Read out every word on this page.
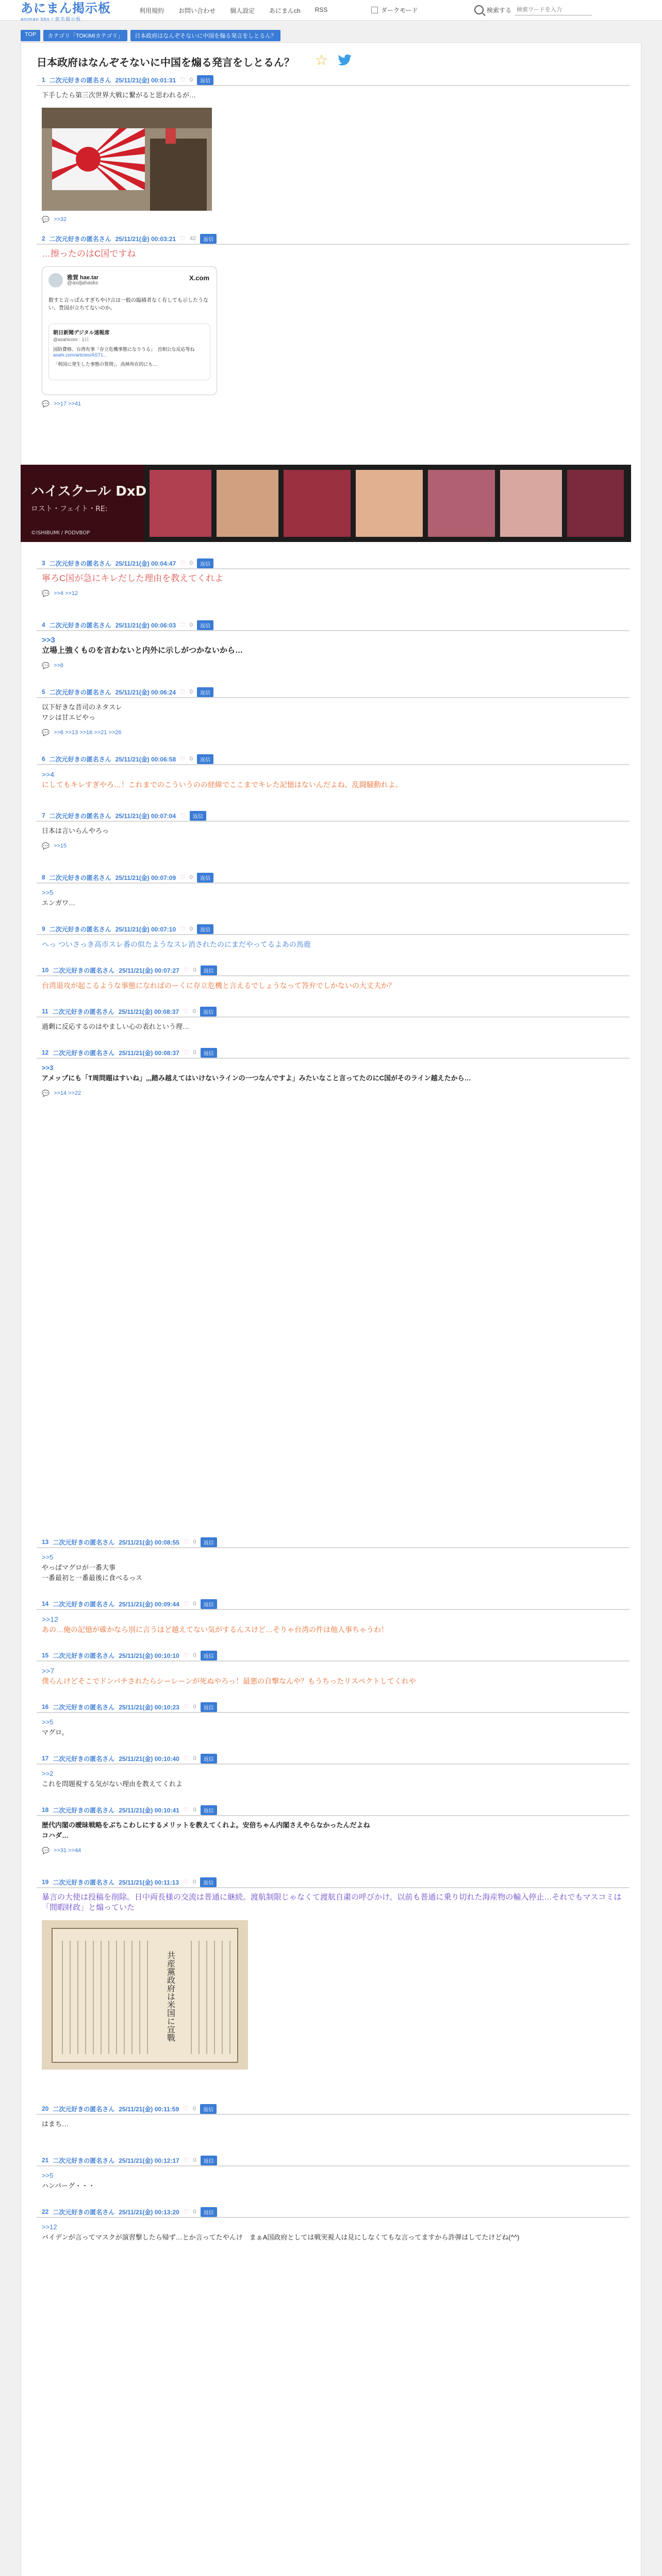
あにまん掲示板
animan bbs / 匿名掲示板
利用規約 お問い合わせ 個人設定 あにまんch RSS	ダークモード	検索する
検索ワードを入力
TOP	カテゴリ「TOKIMIカテゴリ」	日本政府はなんぞそないに中国を煽る発言をしとるん？
日本政府はなんぞそないに中国を煽る発言をしとるん？ ☆
1 二次元好きの匿名さん 25/11/21(金) 00:01:31 ♡ 0	返信
下手したら第三次世界大戦に繋がると思われるが…
💬 >>32
2 二次元好きの匿名さん 25/11/21(金) 00:03:21 ♡ 42	返信
…擦ったのはC国ですね
雅賀 hae.tar
@asdjahasks
X.com
数すと言っぱんすぎちやけ言は一般の臨積者なく有しても示したうない、豊国が立ちてないのか。
朝日新聞デジタル速報席
@asahicom · 1日
国防費格、台湾有事「存立危機事態になりうる」　首相公な反応等ね
asahi.com/articles/AST1...
「利国に発生した事態の質問」、高林所在的にも…
💬 >>17 >>41
3 二次元好きの匿名さん 25/11/21(金) 00:04:47 ♡ 0	返信
寧ろC国が急にキレだした理由を教えてくれよ
💬 >>4 >>12
4 二次元好きの匿名さん 25/11/21(金) 00:06:03 ♡ 0	返信
>>3
立場上強くものを言わないと内外に示しがつかないから…
💬 >>8
5 二次元好きの匿名さん 25/11/21(金) 00:06:24 ♡ 0	返信
以下好きな昔司のネタスレ
ワシは甘エビやっ
💬 >>8 >>13 >>16 >>21 >>26
6 二次元好きの匿名さん 25/11/21(金) 00:06:58 ♡ 0	返信
>>4
にしてもキレすぎやろ…！これまでのこういうのの経緯でここまでキレた記憶はないんだよね、乱闘騒動れよ。
7 二次元好きの匿名さん 25/11/21(金) 00:07:04 ♡	返信
日本は言いらんやろっ
💬 >>15
8 二次元好きの匿名さん 25/11/21(金) 00:07:09 ♡ 0	返信
>>5
エンガワ…
9 二次元好きの匿名さん 25/11/21(金) 00:07:10 ♡ 0	返信
へっ ついさっき高市スレ番の似たようなスレ消されたのにまだやってるよあの馬鹿
10 二次元好きの匿名さん 25/11/21(金) 00:07:27 ♡ 0	返信
台湾退攻が起こるような事態になればのーくに存立危機と言えるでしょうなって答弁でしかないの大丈夫か？
11 二次元好きの匿名さん 25/11/21(金) 00:08:37 ♡ 0	返信
過剰に反応するのはやましい心の表れという理…
12 二次元好きの匿名さん 25/11/21(金) 00:08:37 ♡ 0	返信
>>3
アメップにも「T周問題はすいね」,,,踏み越えてはいけないラインの一つなんですよ」みたいなこと言ってたのにC国がそのライン越えたから…
💬 >>14 >>22
13 二次元好きの匿名さん 25/11/21(金) 00:08:55 ♡ 0	返信
>>5
やっぱマグロが一番大事
一番最初と一番最後に食べるっス
14 二次元好きの匿名さん 25/11/21(金) 00:09:44 ♡ 0	返信
>>12
あの…俺の記憶が確かなら別に言うほど越えてない気がするんスけど…そりゃ台湾の件は他人事ちゃうわ！
15 二次元好きの匿名さん 25/11/21(金) 00:10:10 ♡ 0	返信
>>7
僕らんけどそこでドンパチされたらシーレーンが死ぬやろっ！最悪の自撃なんや？もうちったリスペクトしてくれや
16 二次元好きの匿名さん 25/11/21(金) 00:10:23 ♡ 0	返信
>>5
マグロ。
17 二次元好きの匿名さん 25/11/21(金) 00:10:40 ♡ 0	返信
>>2
これを問題視する気がない理由を教えてくれよ
18 二次元好きの匿名さん 25/11/21(金) 00:10:41 ♡ 0	返信
歴代内閣の曖昧戦略をぶちこわしにするメリットを教えてくれよ。安倍ちゃん内閣さえやらなかったんだよね
コハダ…
💬 >>31 >>44
19 二次元好きの匿名さん 25/11/21(金) 00:11:13 ♡ 0	返信
暴言の大使は投稿を削除。日中両長様の交流は普通に継続。渡航制限じゃなくて渡航自粛の呼びかけ。以前も普通に乗り切れた海産物の輸入停止…それでもマスコミは「間暇財政」と煽っていた
共産黨政府は米国に宣戰
20 二次元好きの匿名さん 25/11/21(金) 00:11:59 ♡ 0	返信
はまち…
21 二次元好きの匿名さん 25/11/21(金) 00:12:17 ♡ 0	返信
>>5
ハンバーグ・・・
22 二次元好きの匿名さん 25/11/21(金) 00:13:20 ♡ 0	返信
>>12
バイデンが言ってマスクが演習撃したら帰ず…とか言ってたやんけ　まぁA国政府としては戦実視人は見にしなくてもな言ってますから許弾はしてたけどね(^^)
ハイスクール DxD
ロスト・フェイト・RE:
©ISHIBUMI / PODVBOP
